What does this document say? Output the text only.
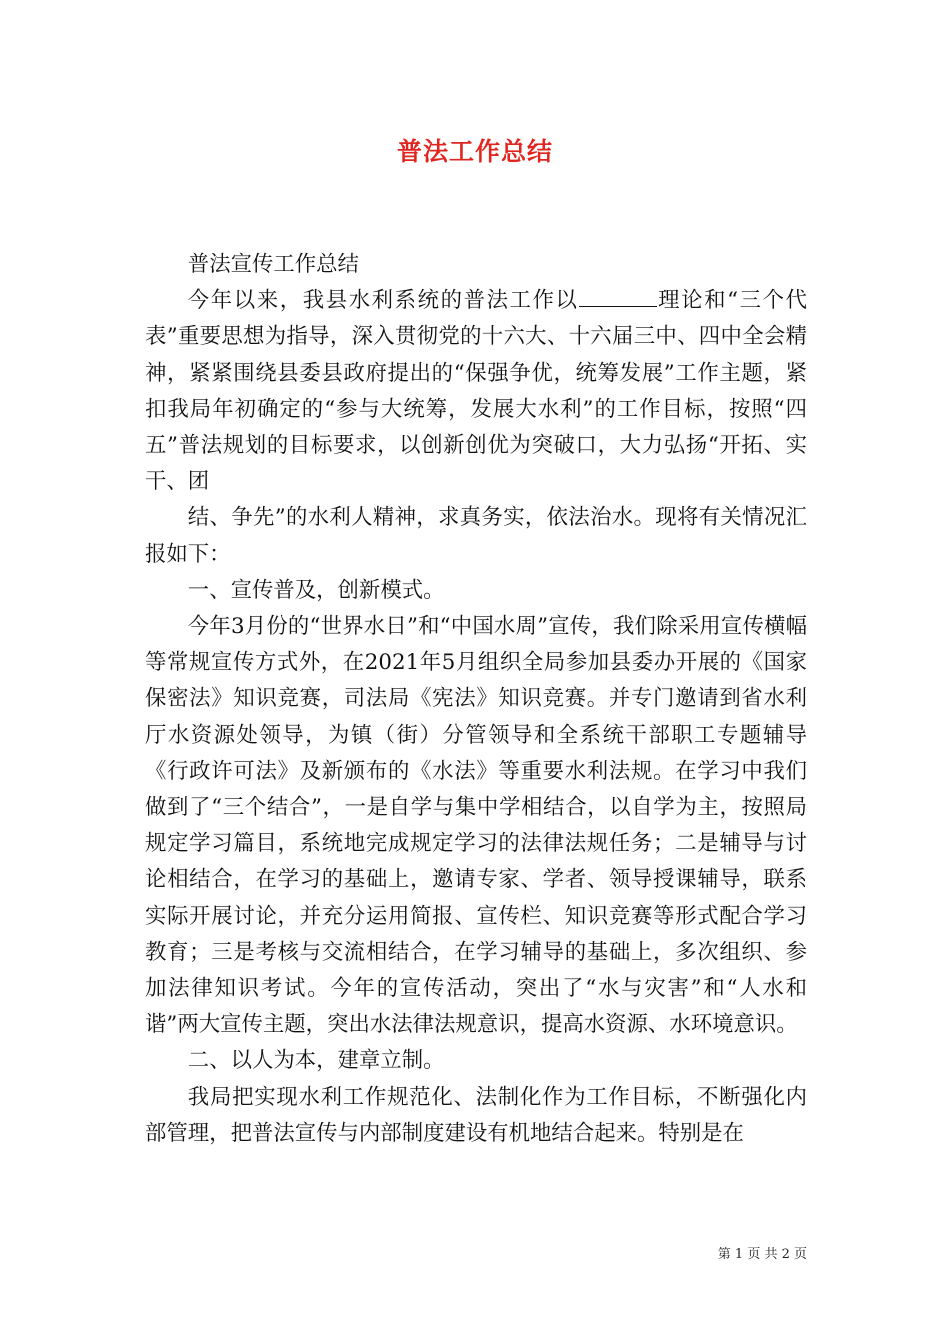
普法工作总结

普法宣传工作总结

今年以来，我县水利系统的普法工作以	理论和“三个代表”重要思想为指导，深入贯彻党的十六大、十六届三中、四中全会精神，紧紧围绕县委县政府提出的“保强争优，统筹发展”工作主题，紧扣我局年初确定的“参与大统筹，发展大水利”的工作目标，按照“四五”普法规划的目标要求，以创新创优为突破口，大力弘扬“开拓、实干、团

结、争先”的水利人精神，求真务实，依法治水。现将有关情况汇报如下：

一、宣传普及，创新模式。

今年3月份的“世界水日”和“中国水周”宣传，我们除采用宣传横幅等常规宣传方式外，在2021年5月组织全局参加县委办开展的《国家保密法》知识竞赛，司法局《宪法》知识竞赛。并专门邀请到省水利厅水资源处领导，为镇（街）分管领导和全系统干部职工专题辅导《行政许可法》及新颁布的《水法》等重要水利法规。在学习中我们做到了“三个结合”，一是自学与集中学相结合，以自学为主，按照局规定学习篇目，系统地完成规定学习的法律法规任务；二是辅导与讨论相结合，在学习的基础上，邀请专家、学者、领导授课辅导，联系实际开展讨论，并充分运用简报、宣传栏、知识竞赛等形式配合学习教育；三是考核与交流相结合，在学习辅导的基础上，多次组织、参加法律知识考试。今年的宣传活动，突出了“水与灾害”和“人水和谐”两大宣传主题，突出水法律法规意识，提高水资源、水环境意识。

二、以人为本，建章立制。

我局把实现水利工作规范化、法制化作为工作目标，不断强化内部管理，把普法宣传与内部制度建设有机地结合起来。特别是在

第 1 页 共 2 页
